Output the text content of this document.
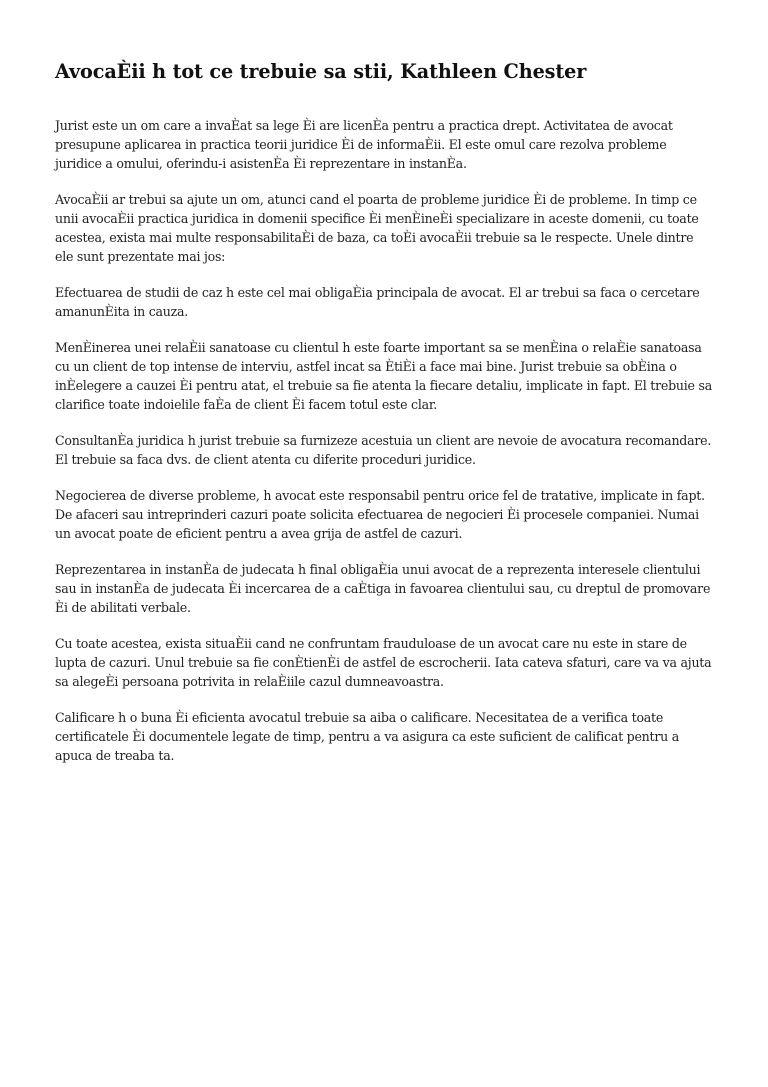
AvocaÈii h tot ce trebuie sa stii, Kathleen Chester

Jurist este un om care a invaÈat sa lege Èi are licenÈa pentru a practica drept. Activitatea de avocat presupune aplicarea in practica teorii juridice Èi de informaÈii. El este omul care rezolva probleme juridice a omului, oferindu-i asistenÈa Èi reprezentare in instanÈa.

AvocaÈii ar trebui sa ajute un om, atunci cand el poarta de probleme juridice Èi de probleme. In timp ce unii avocaÈii practica juridica in domenii specifice Èi menÈineÈi specializare in aceste domenii, cu toate acestea, exista mai multe responsabilitaÈi de baza, ca toÈi avocaÈii trebuie sa le respecte. Unele dintre ele sunt prezentate mai jos:

Efectuarea de studii de caz h este cel mai obligaÈia principala de avocat. El ar trebui sa faca o cercetare amanunÈita in cauza.

MenÈinerea unei relaÈii sanatoase cu clientul h este foarte important sa se menÈina o relaÈie sanatoasa cu un client de top intense de interviu, astfel incat sa ÈtiÈi a face mai bine. Jurist trebuie sa obÈina o inÈelegere a cauzei Èi pentru atat, el trebuie sa fie atenta la fiecare detaliu, implicate in fapt. El trebuie sa clarifice toate indoielile faÈa de client Èi facem totul este clar.

ConsultanÈa juridica h jurist trebuie sa furnizeze acestuia un client are nevoie de avocatura recomandare. El trebuie sa faca dvs. de client atenta cu diferite proceduri juridice.

Negocierea de diverse probleme, h avocat este responsabil pentru orice fel de tratative, implicate in fapt. De afaceri sau intreprinderi cazuri poate solicita efectuarea de negocieri Èi procesele companiei. Numai un avocat poate de eficient pentru a avea grija de astfel de cazuri.

Reprezentarea in instanÈa de judecata h final obligaÈia unui avocat de a reprezenta interesele clientului sau in instanÈa de judecata Èi incercarea de a caÈtiga in favoarea clientului sau, cu dreptul de promovare Èi de abilitati verbale.

Cu toate acestea, exista situaÈii cand ne confruntam frauduloase de un avocat care nu este in stare de lupta de cazuri. Unul trebuie sa fie conÈtienÈi de astfel de escrocherii. Iata cateva sfaturi, care va va ajuta sa alegeÈi persoana potrivita in relaÈiile cazul dumneavoastra.

Calificare h o buna Èi eficienta avocatul trebuie sa aiba o calificare. Necesitatea de a verifica toate certificatele Èi documentele legate de timp, pentru a va asigura ca este suficient de calificat pentru a apuca de treaba ta.
